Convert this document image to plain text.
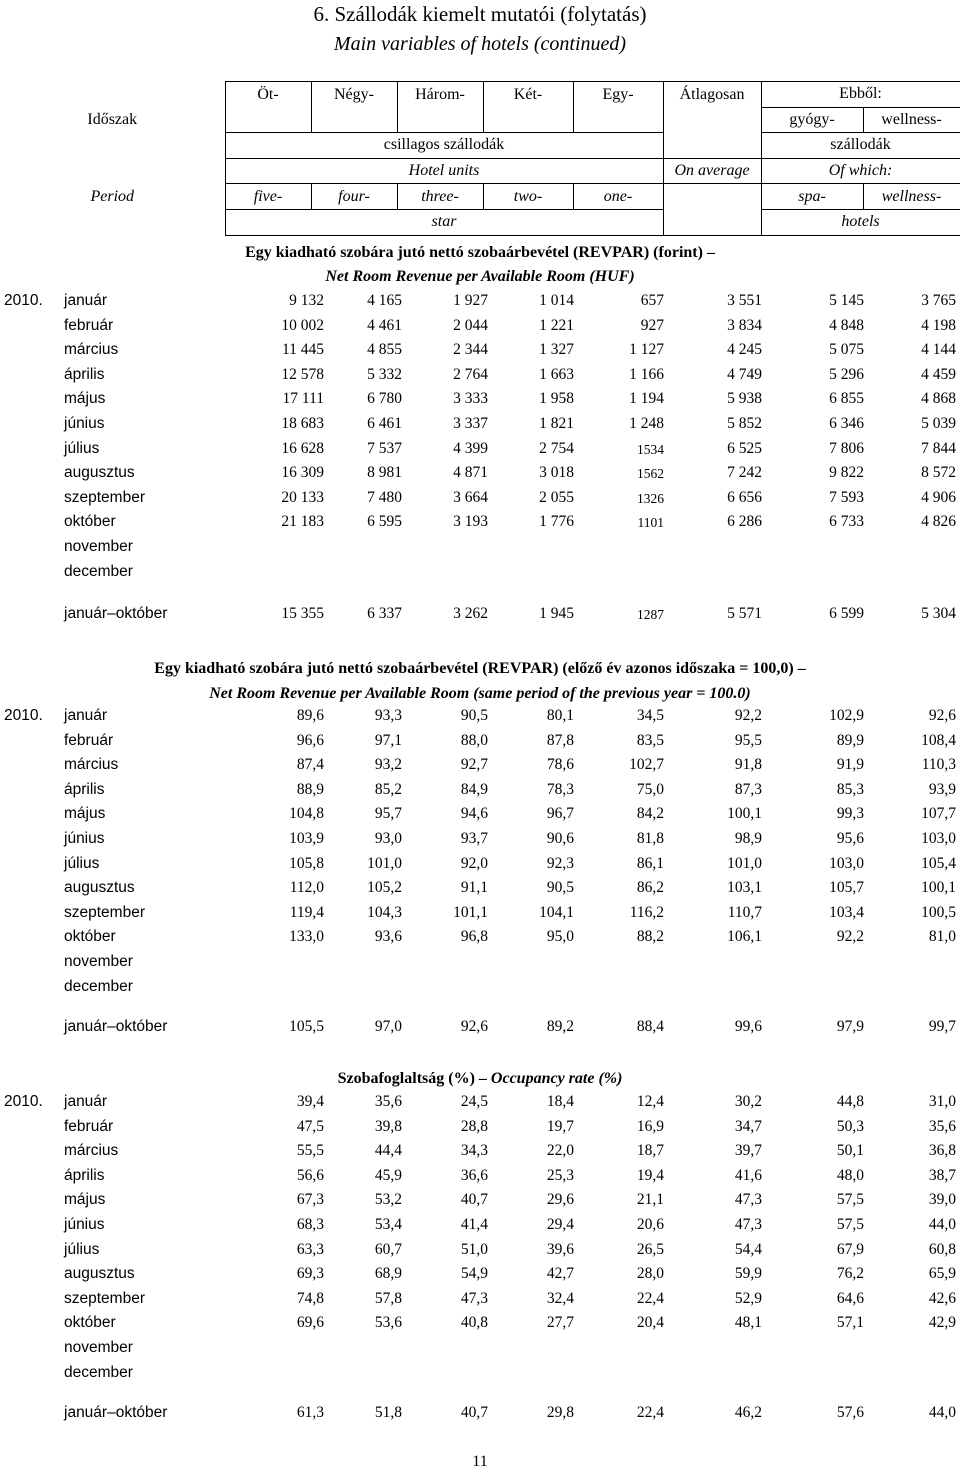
6. Szállodák kiemelt mutatói (folytatás)
Main variables of hotels (continued)
	Öt-	Négy-	Három-	Két-	Egy-	Átlagosan	Ebből:	
Időszak							gyógy-	wellness-
	csillagos szállodák						szállodák	
	Hotel units					On average	Of which:	
Period	five-	four-	three-	two-	one-		spa-	wellness-
	star						hotels	
Egy kiadható szobára jutó nettó szobaárbevétel (REVPAR) (forint) –
Net Room Revenue per Available Room (HUF)
2010. január	9 132	4 165	1 927	1 014	657	3 551	5 145	3 765
február	10 002	4 461	2 044	1 221	927	3 834	4 848	4 198
március	11 445	4 855	2 344	1 327	1 127	4 245	5 075	4 144
április	12 578	5 332	2 764	1 663	1 166	4 749	5 296	4 459
május	17 111	6 780	3 333	1 958	1 194	5 938	6 855	4 868
június	18 683	6 461	3 337	1 821	1 248	5 852	6 346	5 039
július	16 628	7 537	4 399	2 754	1534	6 525	7 806	7 844
augusztus	16 309	8 981	4 871	3 018	1562	7 242	9 822	8 572
szeptember	20 133	7 480	3 664	2 055	1326	6 656	7 593	4 906
október	21 183	6 595	3 193	1 776	1101	6 286	6 733	4 826
november
december
január–október	15 355	6 337	3 262	1 945	1287	5 571	6 599	5 304
Egy kiadható szobára jutó nettó szobaárbevétel (REVPAR) (előző év azonos időszaka = 100,0) –
Net Room Revenue per Available Room (same period of the previous year = 100.0)
2010. január	89,6	93,3	90,5	80,1	34,5	92,2	102,9	92,6
február	96,6	97,1	88,0	87,8	83,5	95,5	89,9	108,4
március	87,4	93,2	92,7	78,6	102,7	91,8	91,9	110,3
április	88,9	85,2	84,9	78,3	75,0	87,3	85,3	93,9
május	104,8	95,7	94,6	96,7	84,2	100,1	99,3	107,7
június	103,9	93,0	93,7	90,6	81,8	98,9	95,6	103,0
július	105,8	101,0	92,0	92,3	86,1	101,0	103,0	105,4
augusztus	112,0	105,2	91,1	90,5	86,2	103,1	105,7	100,1
szeptember	119,4	104,3	101,1	104,1	116,2	110,7	103,4	100,5
október	133,0	93,6	96,8	95,0	88,2	106,1	92,2	81,0
november
december
január–október	105,5	97,0	92,6	89,2	88,4	99,6	97,9	99,7
Szobafoglaltság (%) – Occupancy rate (%)
2010. január	39,4	35,6	24,5	18,4	12,4	30,2	44,8	31,0
február	47,5	39,8	28,8	19,7	16,9	34,7	50,3	35,6
március	55,5	44,4	34,3	22,0	18,7	39,7	50,1	36,8
április	56,6	45,9	36,6	25,3	19,4	41,6	48,0	38,7
május	67,3	53,2	40,7	29,6	21,1	47,3	57,5	39,0
június	68,3	53,4	41,4	29,4	20,6	47,3	57,5	44,0
július	63,3	60,7	51,0	39,6	26,5	54,4	67,9	60,8
augusztus	69,3	68,9	54,9	42,7	28,0	59,9	76,2	65,9
szeptember	74,8	57,8	47,3	32,4	22,4	52,9	64,6	42,6
október	69,6	53,6	40,8	27,7	20,4	48,1	57,1	42,9
november
december
január–október	61,3	51,8	40,7	29,8	22,4	46,2	57,6	44,0
11
